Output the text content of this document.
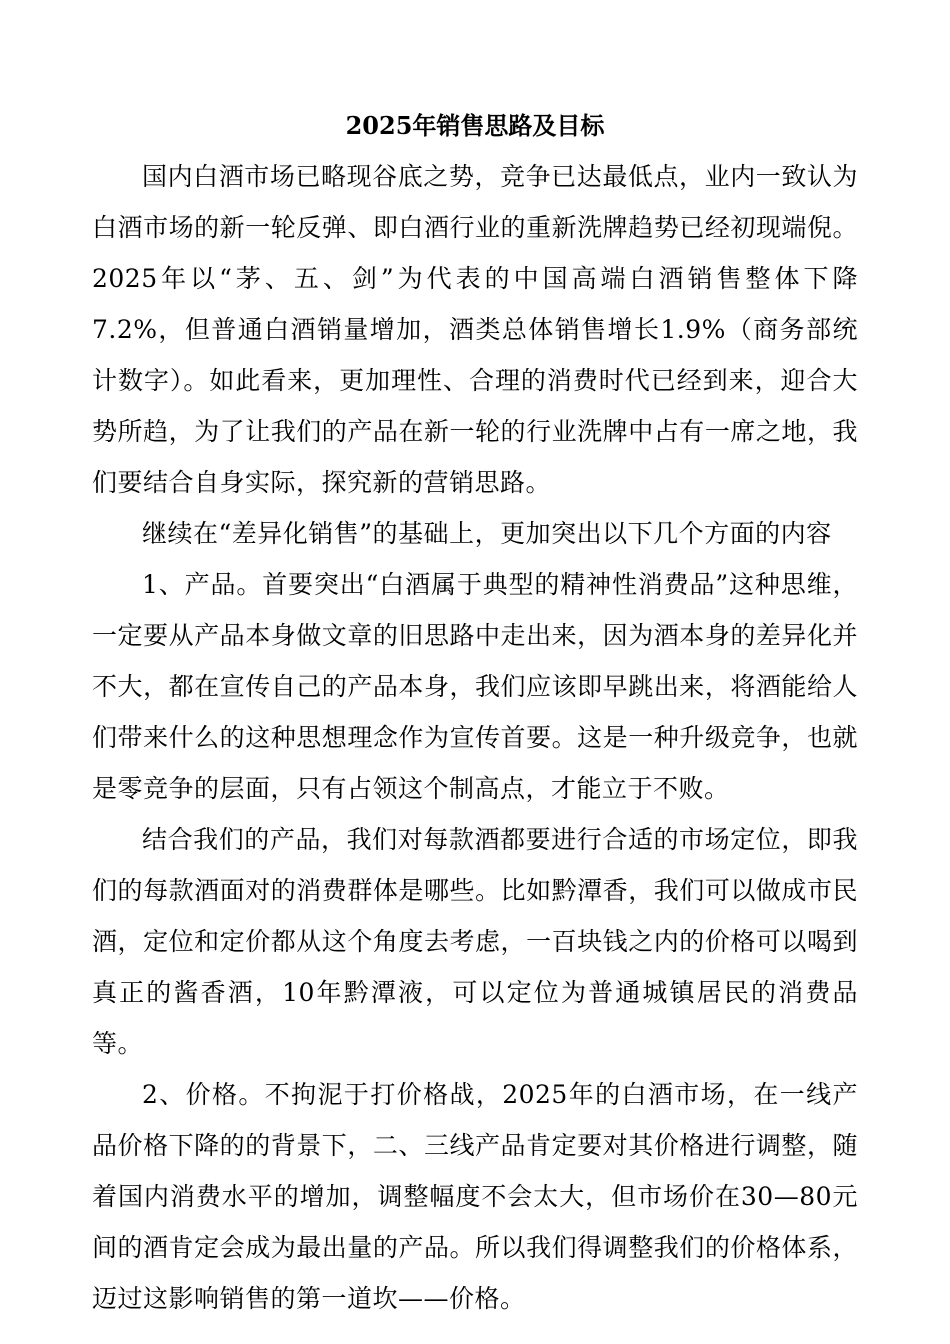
2025年销售思路及目标

国内白酒市场已略现谷底之势，竞争已达最低点，业内一致认为白酒市场的新一轮反弹、即白酒行业的重新洗牌趋势已经初现端倪。2025年以“茅、五、剑”为代表的中国高端白酒销售整体下降7.2%，但普通白酒销量增加，酒类总体销售增长1.9%（商务部统计数字）。如此看来，更加理性、合理的消费时代已经到来，迎合大势所趋，为了让我们的产品在新一轮的行业洗牌中占有一席之地，我们要结合自身实际，探究新的营销思路。

继续在“差异化销售”的基础上，更加突出以下几个方面的内容

1、产品。首要突出“白酒属于典型的精神性消费品”这种思维，一定要从产品本身做文章的旧思路中走出来，因为酒本身的差异化并不大，都在宣传自己的产品本身，我们应该即早跳出来，将酒能给人们带来什么的这种思想理念作为宣传首要。这是一种升级竞争，也就是零竞争的层面，只有占领这个制高点，才能立于不败。

结合我们的产品，我们对每款酒都要进行合适的市场定位，即我们的每款酒面对的消费群体是哪些。比如黔潭香，我们可以做成市民酒，定位和定价都从这个角度去考虑，一百块钱之内的价格可以喝到真正的酱香酒，10年黔潭液，可以定位为普通城镇居民的消费品等。

2、价格。不拘泥于打价格战，2025年的白酒市场，在一线产品价格下降的的背景下，二、三线产品肯定要对其价格进行调整，随着国内消费水平的增加，调整幅度不会太大，但市场价在30—80元间的酒肯定会成为最出量的产品。所以我们得调整我们的价格体系，迈过这影响销售的第一道坎——价格。
